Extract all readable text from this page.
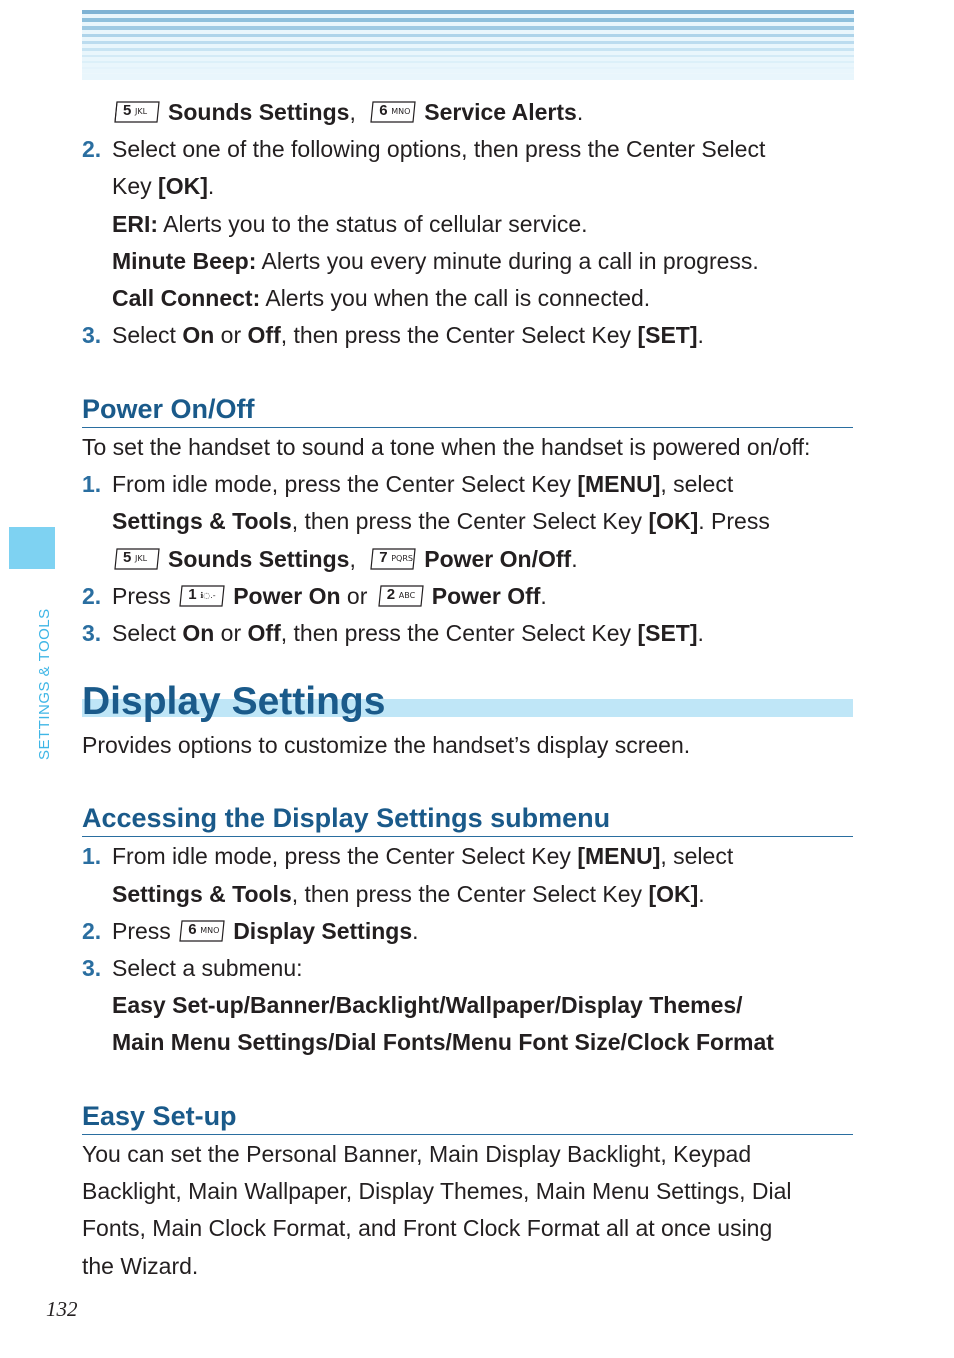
SETTINGS & TOOLS
5 JKL Sounds Settings, 6 MNO Service Alerts.
2. Select one of the following options, then press the Center Select
Key [OK].
ERI: Alerts you to the status of cellular service.
Minute Beep: Alerts you every minute during a call in progress.
Call Connect: Alerts you when the call is connected.
3. Select On or Off, then press the Center Select Key [SET].
Power On/Off
To set the handset to sound a tone when the handset is powered on/off:
1. From idle mode, press the Center Select Key [MENU], select
Settings & Tools, then press the Center Select Key [OK]. Press
5 JKL Sounds Settings, 7 PQRS Power On/Off.
2. Press 1 ℹ◌.- Power On or 2 ABC Power Off.
3. Select On or Off, then press the Center Select Key [SET].
Display Settings
Provides options to customize the handset’s display screen.
Accessing the Display Settings submenu
1. From idle mode, press the Center Select Key [MENU], select
Settings & Tools, then press the Center Select Key [OK].
2. Press 6 MNO Display Settings.
3. Select a submenu:
Easy Set-up/Banner/Backlight/Wallpaper/Display Themes/
Main Menu Settings/Dial Fonts/Menu Font Size/Clock Format
Easy Set-up
You can set the Personal Banner, Main Display Backlight, Keypad
Backlight, Main Wallpaper, Display Themes, Main Menu Settings, Dial
Fonts, Main Clock Format, and Front Clock Format all at once using
the Wizard.
132
